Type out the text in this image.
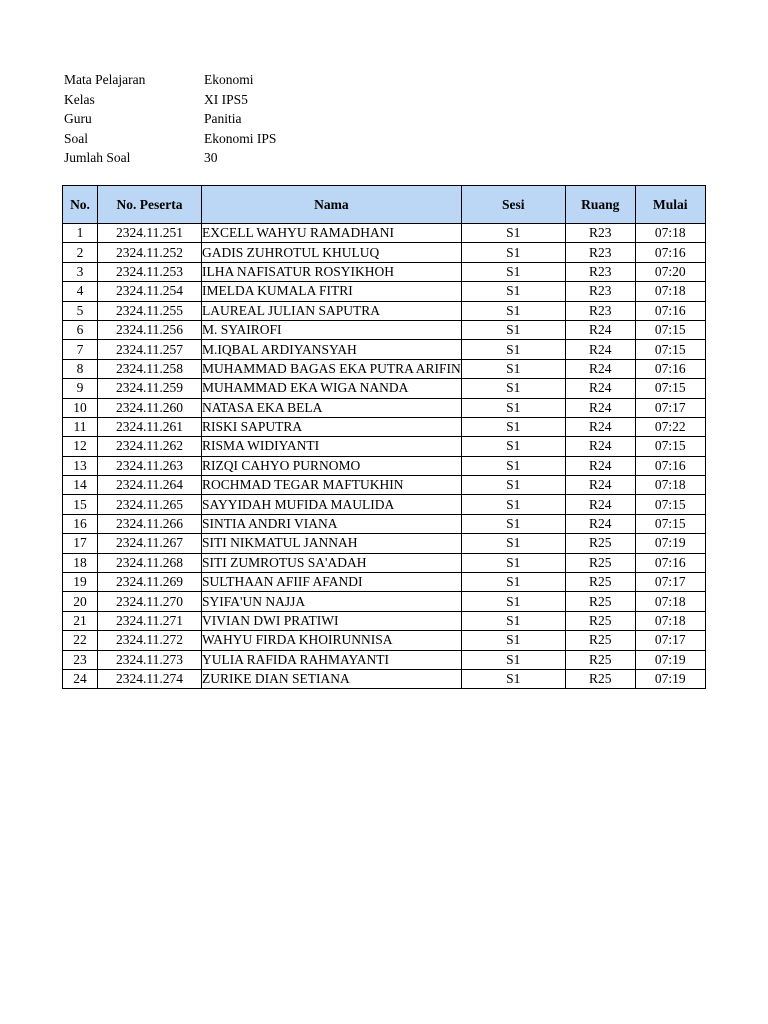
Mata Pelajaran	Ekonomi
Kelas	XI IPS5
Guru	Panitia
Soal	Ekonomi IPS
Jumlah Soal	30
No.	No. Peserta	Nama	Sesi	Ruang	Mulai
1	2324.11.251	EXCELL WAHYU RAMADHANI	S1	R23	07:18
2	2324.11.252	GADIS ZUHROTUL KHULUQ	S1	R23	07:16
3	2324.11.253	ILHA NAFISATUR ROSYIKHOH	S1	R23	07:20
4	2324.11.254	IMELDA KUMALA FITRI	S1	R23	07:18
5	2324.11.255	LAUREAL JULIAN SAPUTRA	S1	R23	07:16
6	2324.11.256	M. SYAIROFI	S1	R24	07:15
7	2324.11.257	M.IQBAL ARDIYANSYAH	S1	R24	07:15
8	2324.11.258	MUHAMMAD BAGAS EKA PUTRA ARIFIN	S1	R24	07:16
9	2324.11.259	MUHAMMAD EKA WIGA NANDA	S1	R24	07:15
10	2324.11.260	NATASA EKA BELA	S1	R24	07:17
11	2324.11.261	RISKI SAPUTRA	S1	R24	07:22
12	2324.11.262	RISMA WIDIYANTI	S1	R24	07:15
13	2324.11.263	RIZQI CAHYO PURNOMO	S1	R24	07:16
14	2324.11.264	ROCHMAD TEGAR MAFTUKHIN	S1	R24	07:18
15	2324.11.265	SAYYIDAH MUFIDA MAULIDA	S1	R24	07:15
16	2324.11.266	SINTIA ANDRI VIANA	S1	R24	07:15
17	2324.11.267	SITI NIKMATUL JANNAH	S1	R25	07:19
18	2324.11.268	SITI ZUMROTUS SA'ADAH	S1	R25	07:16
19	2324.11.269	SULTHAAN AFIIF AFANDI	S1	R25	07:17
20	2324.11.270	SYIFA'UN NAJJA	S1	R25	07:18
21	2324.11.271	VIVIAN DWI PRATIWI	S1	R25	07:18
22	2324.11.272	WAHYU FIRDA KHOIRUNNISA	S1	R25	07:17
23	2324.11.273	YULIA RAFIDA RAHMAYANTI	S1	R25	07:19
24	2324.11.274	ZURIKE DIAN SETIANA	S1	R25	07:19
